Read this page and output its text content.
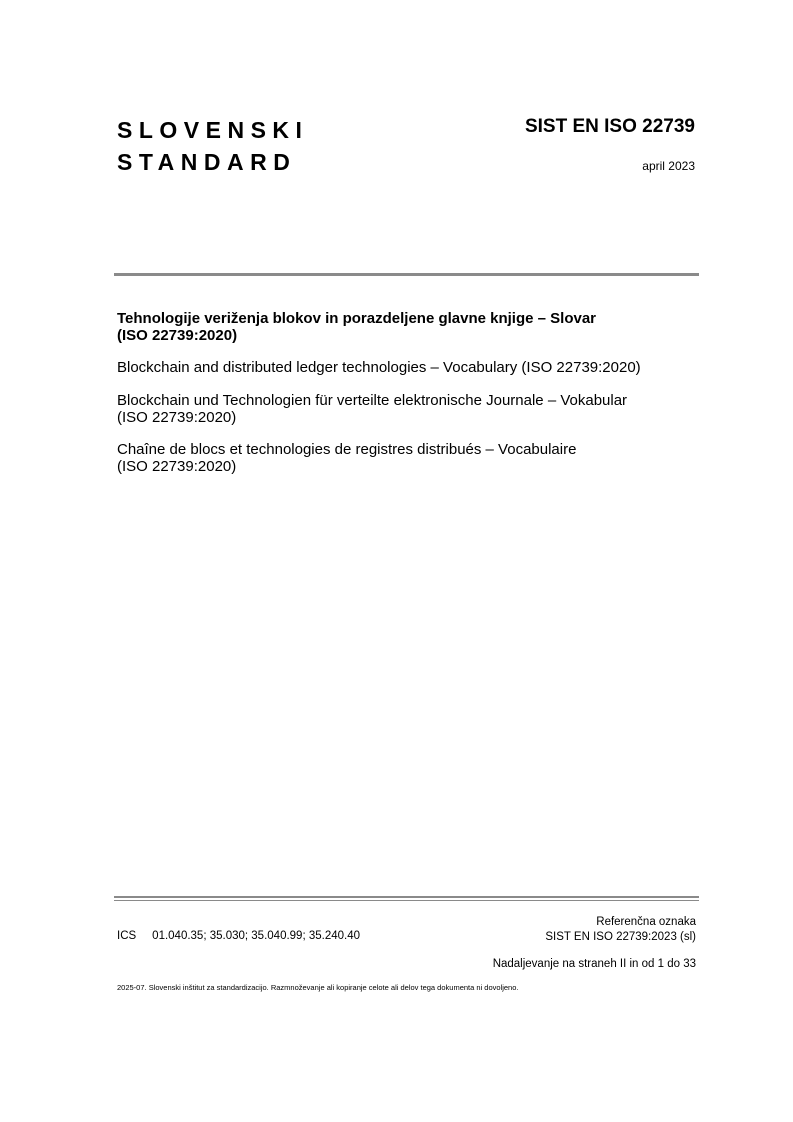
SLOVENSKI
STANDARD
SIST EN ISO 22739
april 2023

Tehnologije veriženja blokov in porazdeljene glavne knjige – Slovar
(ISO 22739:2020)

Blockchain and distributed ledger technologies – Vocabulary (ISO 22739:2020)

Blockchain und Technologien für verteilte elektronische Journale – Vokabular
(ISO 22739:2020)

Chaîne de blocs et technologies de registres distribués – Vocabulaire
(ISO 22739:2020)

ICS 01.040.35; 35.030; 35.040.99; 35.240.40
Referenčna oznaka
SIST EN ISO 22739:2023 (sl)
Nadaljevanje na straneh II in od 1 do 33
2025-07. Slovenski inštitut za standardizacijo. Razmnoževanje ali kopiranje celote ali delov tega dokumenta ni dovoljeno.
